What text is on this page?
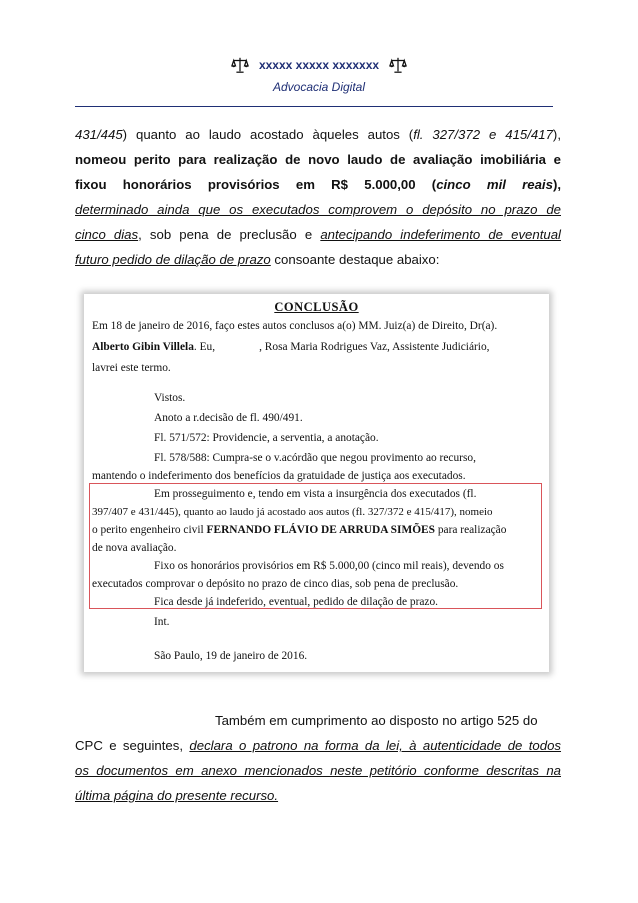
xxxxx xxxxx xxxxxxx
Advocacia Digital
431/445) quanto ao laudo acostado àqueles autos (fl. 327/372 e 415/417),
nomeou perito para realização de novo laudo de avaliação imobiliária e
fixou honorários provisórios em R$ 5.000,00 (cinco mil reais),
determinado ainda que os executados comprovem o depósito no prazo de
cinco dias, sob pena de preclusão e antecipando indeferimento de eventual
futuro pedido de dilação de prazo consoante destaque abaixo:
CONCLUSÃO
Em 18 de janeiro de 2016, faço estes autos conclusos a(o) MM. Juiz(a) de Direito, Dr(a).
Alberto Gibin Villela. Eu,	, Rosa Maria Rodrigues Vaz, Assistente Judiciário,
lavrei este termo.
Vistos.
Anoto a r.decisão de fl. 490/491.
Fl. 571/572: Providencie, a serventia, a anotação.
Fl. 578/588: Cumpra-se o v.acórdão que negou provimento ao recurso,
mantendo o indeferimento dos benefícios da gratuidade de justiça aos executados.
Em prosseguimento e, tendo em vista a insurgência dos executados (fl.
397/407 e 431/445), quanto ao laudo já acostado aos autos (fl. 327/372 e 415/417), nomeio
o perito engenheiro civil FERNANDO FLÁVIO DE ARRUDA SIMÕES para realização
de nova avaliação.
Fixo os honorários provisórios em R$ 5.000,00 (cinco mil reais), devendo os
executados comprovar o depósito no prazo de cinco dias, sob pena de preclusão.
Fica desde já indeferido, eventual, pedido de dilação de prazo.
Int.
São Paulo, 19 de janeiro de 2016.
Também em cumprimento ao disposto no artigo 525 do
CPC e seguintes, declara o patrono na forma da lei, à autenticidade de todos
os documentos em anexo mencionados neste petitório conforme descritas na
última página do presente recurso.
